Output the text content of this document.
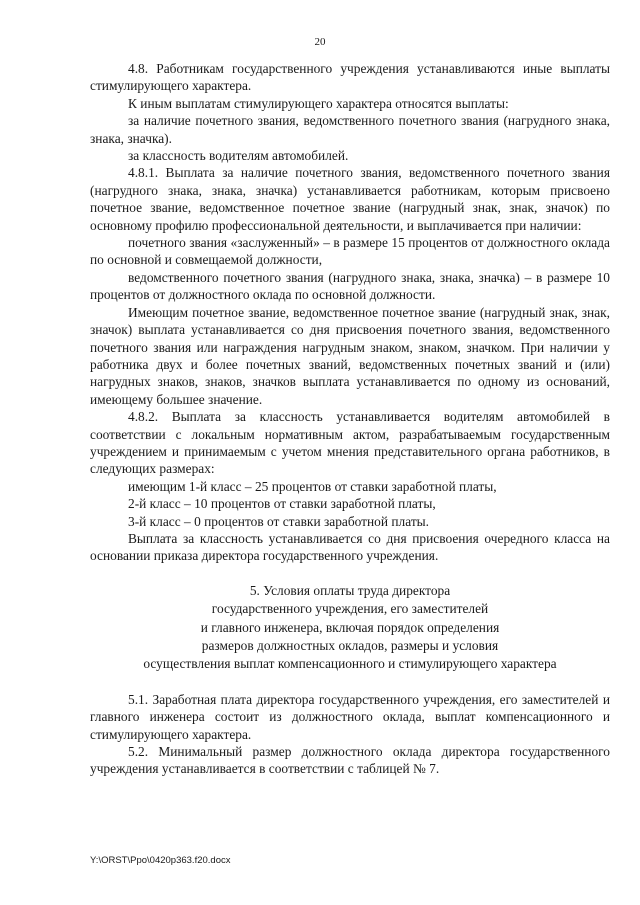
20

4.8. Работникам государственного учреждения устанавливаются иные выплаты стимулирующего характера.

К иным выплатам стимулирующего характера относятся выплаты:

за наличие почетного звания, ведомственного почетного звания (нагрудного знака, знака, значка).

за классность водителям автомобилей.

4.8.1. Выплата за наличие почетного звания, ведомственного почетного звания (нагрудного знака, знака, значка) устанавливается работникам, которым присвоено почетное звание, ведомственное почетное звание (нагрудный знак, знак, значок) по основному профилю профессиональной деятельности, и выплачивается при наличии:

почетного звания «заслуженный» – в размере 15 процентов от должностного оклада по основной и совмещаемой должности,

ведомственного почетного звания (нагрудного знака, знака, значка) – в размере 10 процентов от должностного оклада по основной должности.

Имеющим почетное звание, ведомственное почетное звание (нагрудный знак, знак, значок) выплата устанавливается со дня присвоения почетного звания, ведомственного почетного звания или награждения нагрудным знаком, знаком, значком. При наличии у работника двух и более почетных званий, ведомственных почетных званий и (или) нагрудных знаков, знаков, значков выплата устанавливается по одному из оснований, имеющему большее значение.

4.8.2. Выплата за классность устанавливается водителям автомобилей в соответствии с локальным нормативным актом, разрабатываемым государственным учреждением и принимаемым с учетом мнения представительного органа работников, в следующих размерах:

имеющим 1-й класс – 25 процентов от ставки заработной платы,

2-й класс – 10 процентов от ставки заработной платы,

3-й класс – 0 процентов от ставки заработной платы.

Выплата за классность устанавливается со дня присвоения очередного класса на основании приказа директора государственного учреждения.

5. Условия оплаты труда директора
государственного учреждения, его заместителей
и главного инженера, включая порядок определения
размеров должностных окладов, размеры и условия
осуществления выплат компенсационного и стимулирующего характера

5.1. Заработная плата директора государственного учреждения, его заместителей и главного инженера состоит из должностного оклада, выплат компенсационного и стимулирующего характера.

5.2. Минимальный размер должностного оклада директора государственного учреждения устанавливается в соответствии с таблицей № 7.

Y:\ORST\Ppo\0420p363.f20.docx
